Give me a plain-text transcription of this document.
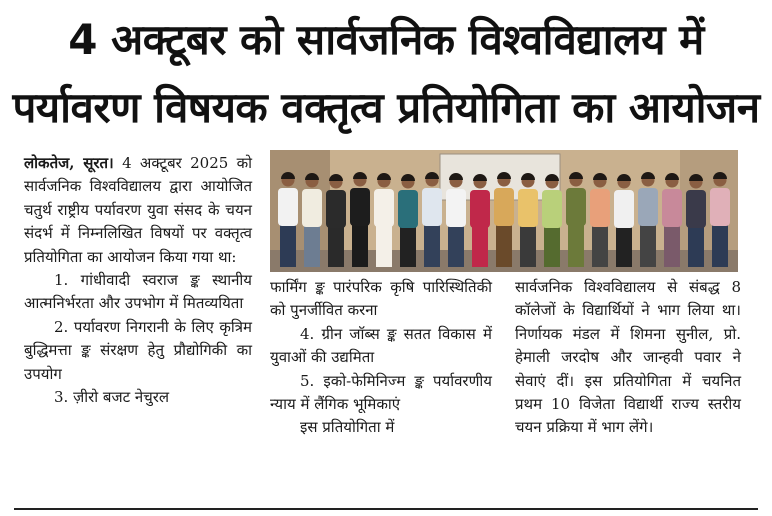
4 अक्टूबर को सार्वजनिक विश्वविद्यालय में
पर्यावरण विषयक वक्तृत्व प्रतियोगिता का आयोजन

लोकतेज, सूरत। 4 अक्टूबर 2025 को सार्वजनिक विश्वविद्यालय द्वारा आयोजित चतुर्थ राष्ट्रीय पर्यावरण युवा संसद के चयन संदर्भ में निम्नलिखित विषयों पर वक्तृत्व प्रतियोगिता का आयोजन किया गया था:

1. गांधीवादी स्वराज ङ्क स्थानीय आत्मनिर्भरता और उपभोग में मितव्ययिता

2. पर्यावरण निगरानी के लिए कृत्रिम बुद्धिमत्ता ङ्क संरक्षण हेतु प्रौद्योगिकी का उपयोग

3. ज़ीरो बजट नेचुरल

फार्मिंग ङ्क पारंपरिक कृषि पारिस्थितिकी को पुनर्जीवित करना

4. ग्रीन जॉब्स ङ्क सतत विकास में युवाओं की उद्यमिता

5. इको-फेमिनिज्म ङ्क पर्यावरणीय न्याय में लैंगिक भूमिकाएं

इस प्रतियोगिता में

सार्वजनिक विश्वविद्यालय से संबद्ध 8 कॉलेजों के विद्यार्थियों ने भाग लिया था। निर्णायक मंडल में शिमना सुनील, प्रो. हेमाली जरदोष और जान्हवी पवार ने सेवाएं दीं। इस प्रतियोगिता में चयनित प्रथम 10 विजेता विद्यार्थी राज्य स्तरीय चयन प्रक्रिया में भाग लेंगे।
